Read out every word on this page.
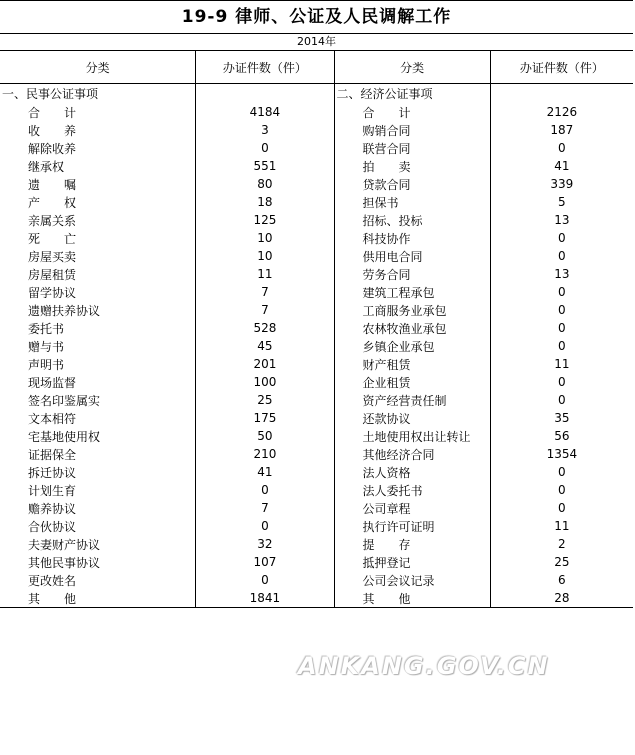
19-9 律师、公证及人民调解工作
2014年
分类	办证件数（件）	分类	办证件数（件）
一、民事公证事项		二、经济公证事项	
合　　计	4184	合　　计	2126
收　　养	3	购销合同	187
解除收养	0	联营合同	0
继承权	551	拍　　卖	41
遗　　嘱	80	贷款合同	339
产　　权	18	担保书	5
亲属关系	125	招标、投标	13
死　　亡	10	科技协作	0
房屋买卖	10	供用电合同	0
房屋租赁	11	劳务合同	13
留学协议	7	建筑工程承包	0
遗赠扶养协议	7	工商服务业承包	0
委托书	528	农林牧渔业承包	0
赠与书	45	乡镇企业承包	0
声明书	201	财产租赁	11
现场监督	100	企业租赁	0
签名印鉴属实	25	资产经营责任制	0
文本相符	175	还款协议	35
宅基地使用权	50	土地使用权出让转让	56
证据保全	210	其他经济合同	1354
拆迁协议	41	法人资格	0
计划生育	0	法人委托书	0
赡养协议	7	公司章程	0
合伙协议	0	执行许可证明	11
夫妻财产协议	32	提　　存	2
其他民事协议	107	抵押登记	25
更改姓名	0	公司会议记录	6
其　　他	1841	其　　他	28
ANKANG.GOV.CN
